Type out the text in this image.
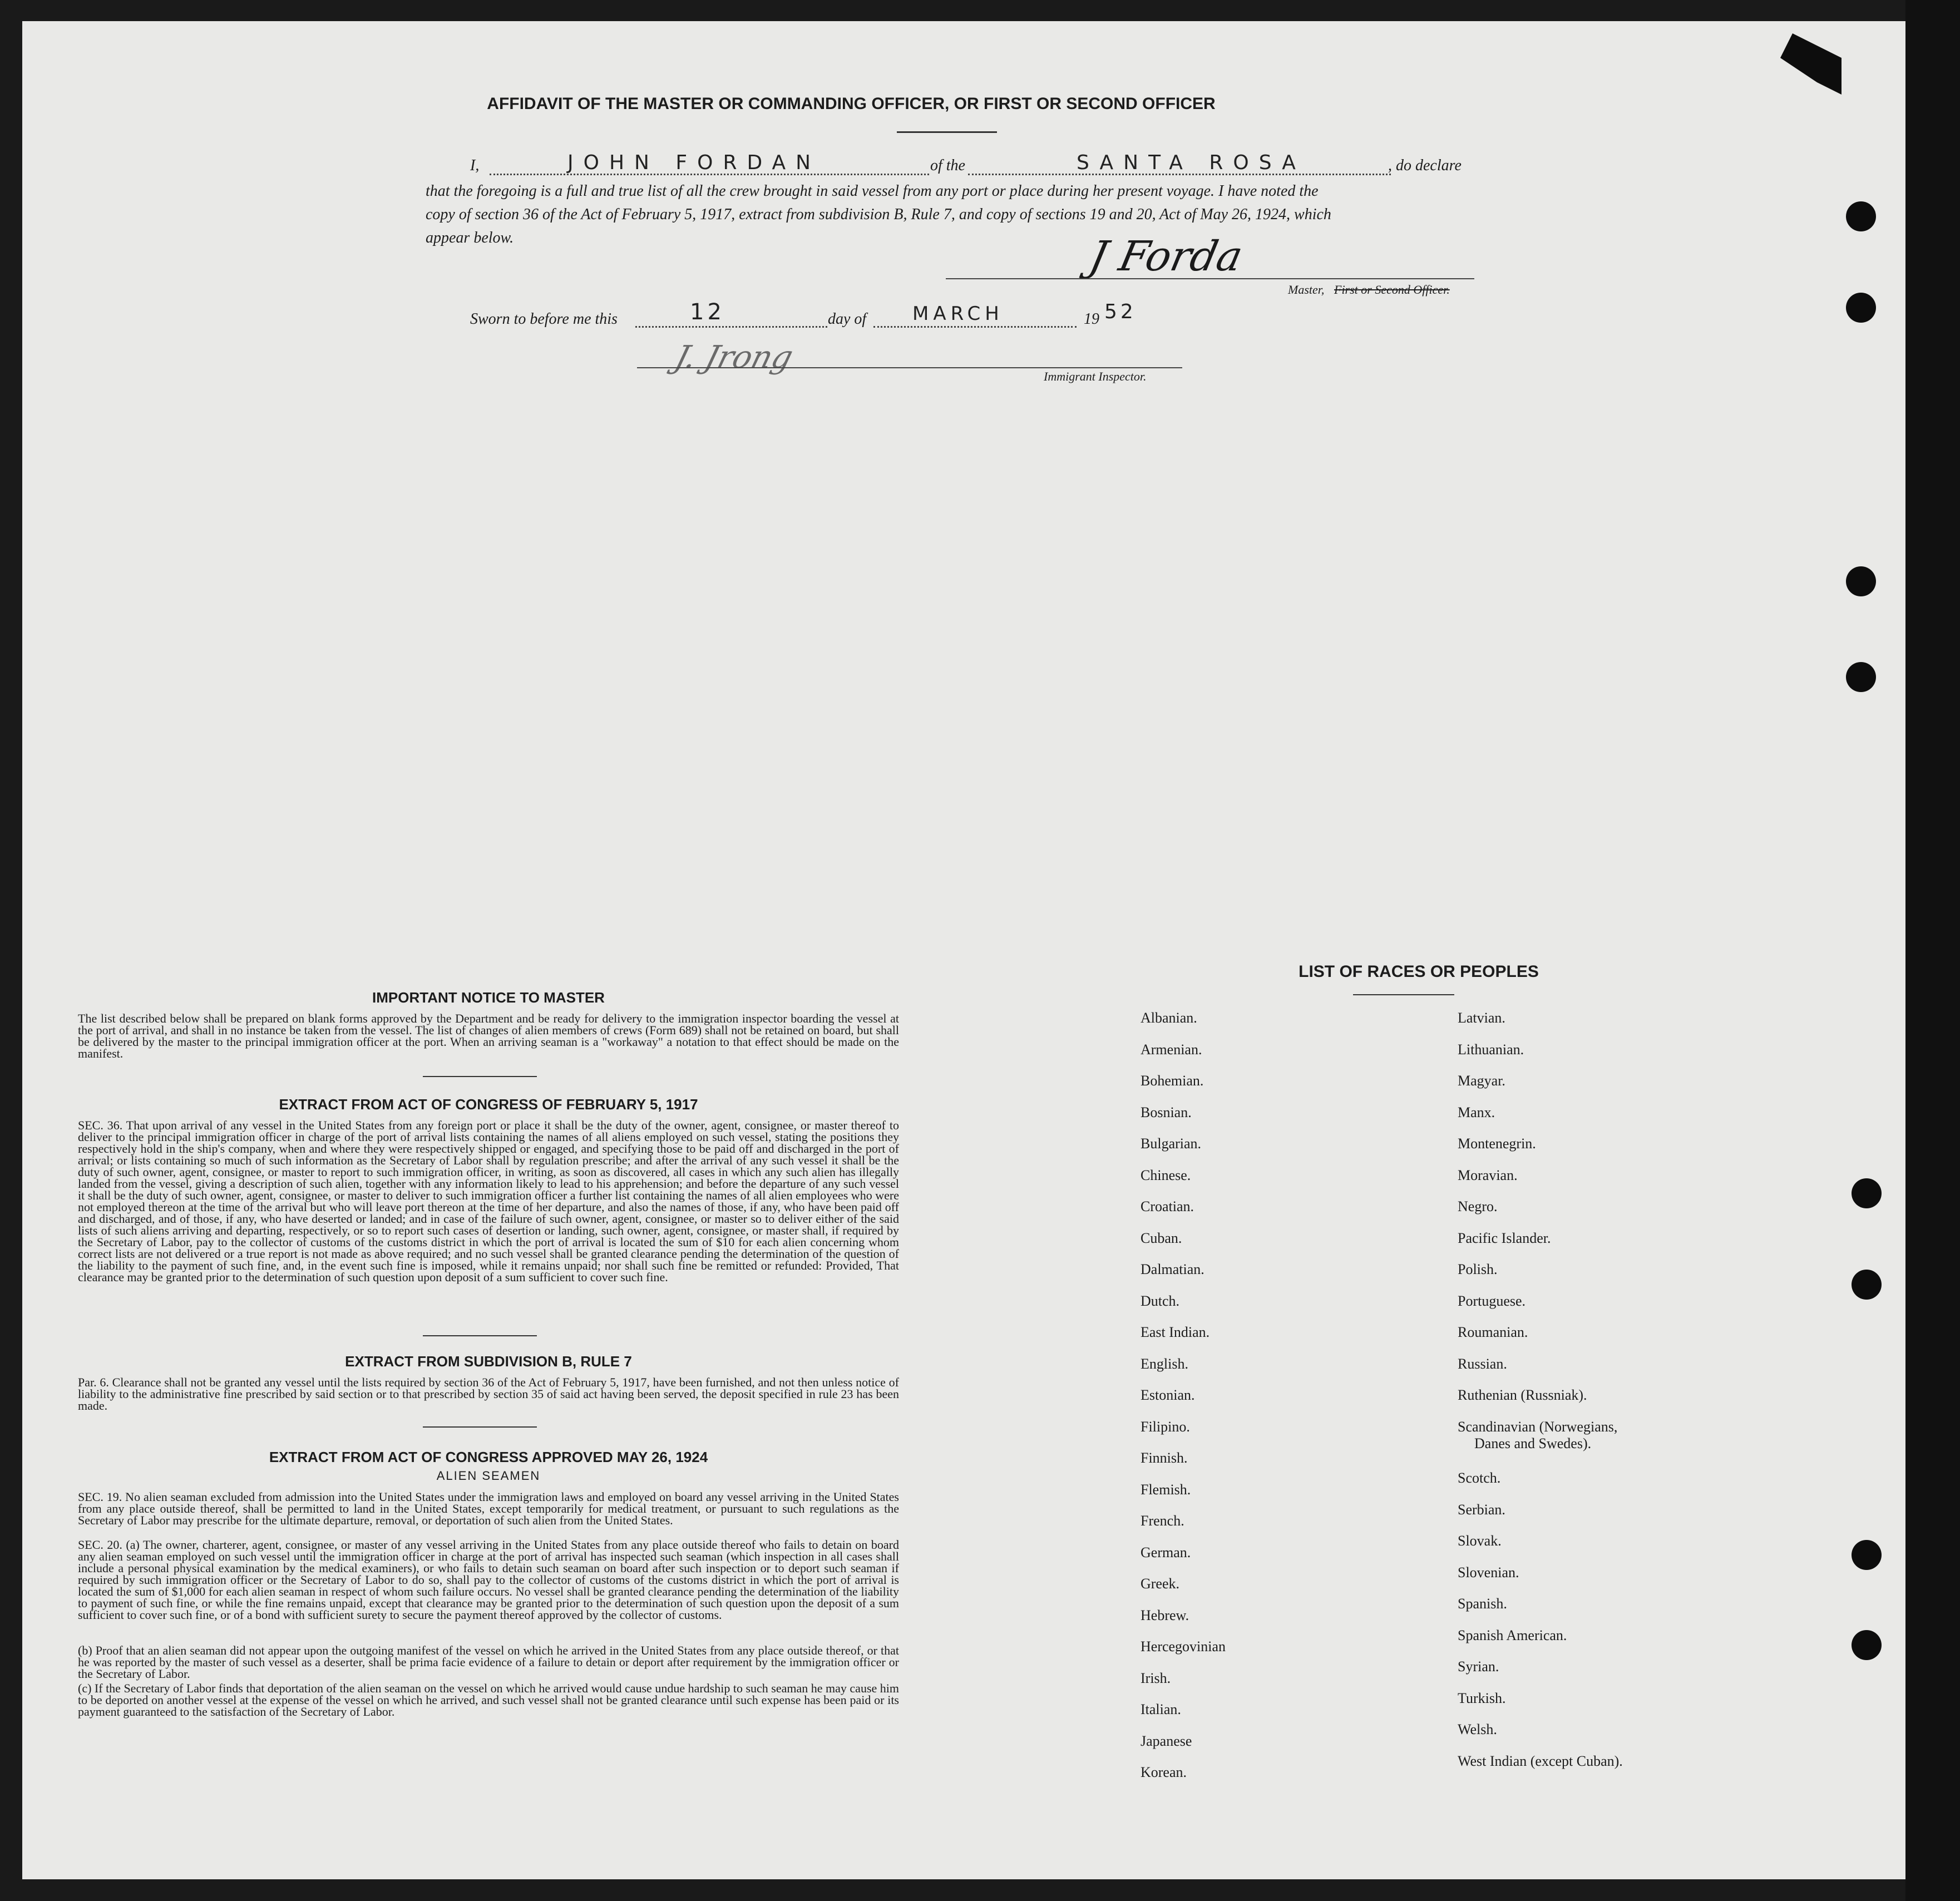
AFFIDAVIT OF THE MASTER OR COMMANDING OFFICER, OR FIRST OR SECOND OFFICER
I,	JOHN FORDAN	of the	SANTA ROSA	, do declare
that the foregoing is a full and true list of all the crew brought in said vessel from any port or place during her present voyage. I have noted the
copy of section 36 of the Act of February 5, 1917, extract from subdivision B, Rule 7, and copy of sections 19 and 20, Act of May 26, 1924, which
appear below.	J Forda
Master, First or Second Officer.
Sworn to before me this	12	day of MARCH	19 52
J. Jrong
Immigrant Inspector.
IMPORTANT NOTICE TO MASTER
The list described below shall be prepared on blank forms approved by the Department and be ready for delivery to the immigration inspector boarding the vessel at the port of arrival, and shall in no instance be taken from the vessel. The list of changes of alien members of crews (Form 689) shall not be retained on board, but shall be delivered by the master to the principal immigration officer at the port. When an arriving seaman is a "workaway" a notation to that effect should be made on the manifest.
EXTRACT FROM ACT OF CONGRESS OF FEBRUARY 5, 1917
SEC. 36. That upon arrival of any vessel in the United States from any foreign port or place it shall be the duty of the owner, agent, consignee, or master thereof to deliver to the principal immigration officer in charge of the port of arrival lists containing the names of all aliens employed on such vessel, stating the positions they respectively hold in the ship's company, when and where they were respectively shipped or engaged, and specifying those to be paid off and discharged in the port of arrival; or lists containing so much of such information as the Secretary of Labor shall by regulation prescribe; and after the arrival of any such vessel it shall be the duty of such owner, agent, consignee, or master to report to such immigration officer, in writing, as soon as discovered, all cases in which any such alien has illegally landed from the vessel, giving a description of such alien, together with any information likely to lead to his apprehension; and before the departure of any such vessel it shall be the duty of such owner, agent, consignee, or master to deliver to such immigration officer a further list containing the names of all alien employees who were not employed thereon at the time of the arrival but who will leave port thereon at the time of her departure, and also the names of those, if any, who have been paid off and discharged, and of those, if any, who have deserted or landed; and in case of the failure of such owner, agent, consignee, or master so to deliver either of the said lists of such aliens arriving and departing, respectively, or so to report such cases of desertion or landing, such owner, agent, consignee, or master shall, if required by the Secretary of Labor, pay to the collector of customs of the customs district in which the port of arrival is located the sum of $10 for each alien concerning whom correct lists are not delivered or a true report is not made as above required; and no such vessel shall be granted clearance pending the determination of the question of the liability to the payment of such fine, and, in the event such fine is imposed, while it remains unpaid; nor shall such fine be remitted or refunded: Provided, That clearance may be granted prior to the determination of such question upon deposit of a sum sufficient to cover such fine.
EXTRACT FROM SUBDIVISION B, RULE 7
Par. 6. Clearance shall not be granted any vessel until the lists required by section 36 of the Act of February 5, 1917, have been furnished, and not then unless notice of liability to the administrative fine prescribed by said section or to that prescribed by section 35 of said act having been served, the deposit specified in rule 23 has been made.
EXTRACT FROM ACT OF CONGRESS APPROVED MAY 26, 1924
ALIEN SEAMEN
SEC. 19. No alien seaman excluded from admission into the United States under the immigration laws and employed on board any vessel arriving in the United States from any place outside thereof, shall be permitted to land in the United States, except temporarily for medical treatment, or pursuant to such regulations as the Secretary of Labor may prescribe for the ultimate departure, removal, or deportation of such alien from the United States.
SEC. 20. (a) The owner, charterer, agent, consignee, or master of any vessel arriving in the United States from any place outside thereof who fails to detain on board any alien seaman employed on such vessel until the immigration officer in charge at the port of arrival has inspected such seaman (which inspection in all cases shall include a personal physical examination by the medical examiners), or who fails to detain such seaman on board after such inspection or to deport such seaman if required by such immigration officer or the Secretary of Labor to do so, shall pay to the collector of customs of the customs district in which the port of arrival is located the sum of $1,000 for each alien seaman in respect of whom such failure occurs. No vessel shall be granted clearance pending the determination of the liability to payment of such fine, or while the fine remains unpaid, except that clearance may be granted prior to the determination of such question upon the deposit of a sum sufficient to cover such fine, or of a bond with sufficient surety to secure the payment thereof approved by the collector of customs.
(b) Proof that an alien seaman did not appear upon the outgoing manifest of the vessel on which he arrived in the United States from any place outside thereof, or that he was reported by the master of such vessel as a deserter, shall be prima facie evidence of a failure to detain or deport after requirement by the immigration officer or the Secretary of Labor.
(c) If the Secretary of Labor finds that deportation of the alien seaman on the vessel on which he arrived would cause undue hardship to such seaman he may cause him to be deported on another vessel at the expense of the vessel on which he arrived, and such vessel shall not be granted clearance until such expense has been paid or its payment guaranteed to the satisfaction of the Secretary of Labor.
LIST OF RACES OR PEOPLES
Albanian.
Armenian.
Bohemian.
Bosnian.
Bulgarian.
Chinese.
Croatian.
Cuban.
Dalmatian.
Dutch.
East Indian.
English.
Estonian.
Filipino.
Finnish.
Flemish.
French.
German.
Greek.
Hebrew.
Hercegovinian
Irish.
Italian.
Japanese
Korean.
Latvian.
Lithuanian.
Magyar.
Manx.
Montenegrin.
Moravian.
Negro.
Pacific Islander.
Polish.
Portuguese.
Roumanian.
Russian.
Ruthenian (Russniak).
Scandinavian (Norwegians,
Danes and Swedes).
Scotch.
Serbian.
Slovak.
Slovenian.
Spanish.
Spanish American.
Syrian.
Turkish.
Welsh.
West Indian (except Cuban).
